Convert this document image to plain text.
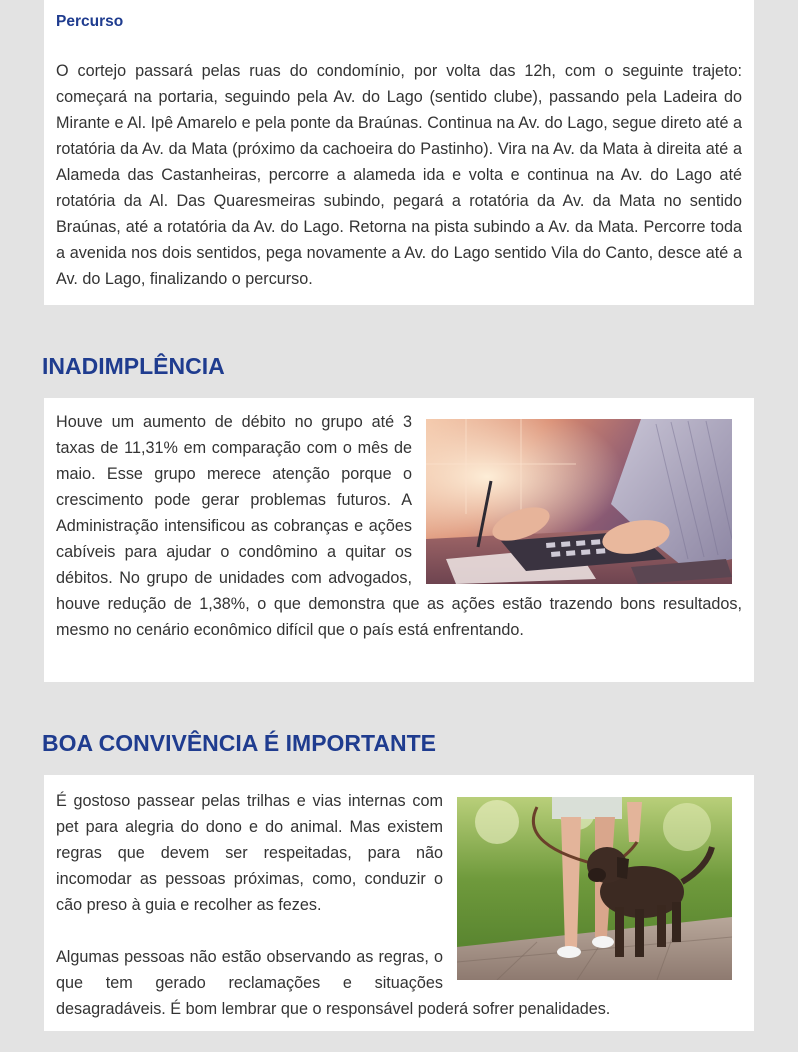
Percurso

O cortejo passará pelas ruas do condomínio, por volta das 12h, com o seguinte trajeto: começará na portaria, seguindo pela Av. do Lago (sentido clube), passando pela Ladeira do Mirante e Al. Ipê Amarelo e pela ponte da Braúnas. Continua na Av. do Lago, segue direto até a rotatória da Av. da Mata (próximo da cachoeira do Pastinho). Vira na Av. da Mata à direita até a Alameda das Castanheiras, percorre a alameda ida e volta e continua na Av. do Lago até rotatória da Al. Das Quaresmeiras subindo, pegará a rotatória da Av. da Mata no sentido Braúnas, até a rotatória da Av. do Lago. Retorna na pista subindo a Av. da Mata. Percorre toda a avenida nos dois sentidos, pega novamente a Av. do Lago sentido Vila do Canto, desce até a Av. do Lago, finalizando o percurso.

INADIMPLÊNCIA

Houve um aumento de débito no grupo até 3 taxas de 11,31% em comparação com o mês de maio. Esse grupo merece atenção porque o crescimento pode gerar problemas futuros. A Administração intensificou as cobranças e ações cabíveis para ajudar o condômino a quitar os débitos. No grupo de unidades com advogados, houve redução de 1,38%, o que demonstra que as ações estão trazendo bons resultados, mesmo no cenário econômico difícil que o país está enfrentando.

BOA CONVIVÊNCIA É IMPORTANTE

É gostoso passear pelas trilhas e vias internas com pet para alegria do dono e do animal. Mas existem regras que devem ser respeitadas, para não incomodar as pessoas próximas, como, conduzir o cão preso à guia e recolher as fezes.

Algumas pessoas não estão observando as regras, o que tem gerado reclamações e situações desagradáveis. É bom lembrar que o responsável poderá sofrer penalidades.
